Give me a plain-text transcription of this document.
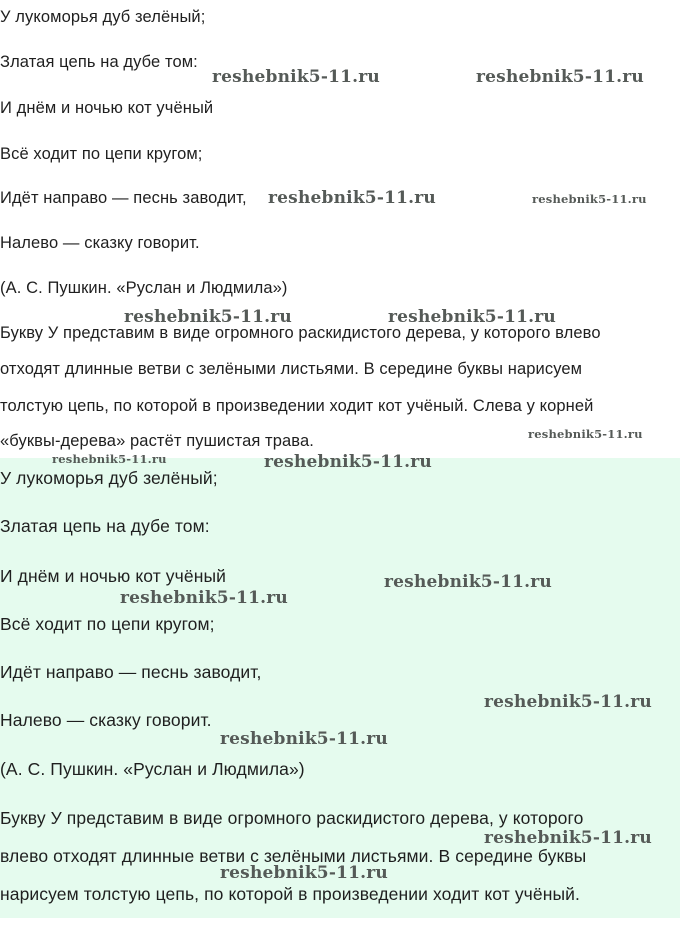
У лукоморья дуб зелёный;

Златая цепь на дубе том:

И днём и ночью кот учёный

Всё ходит по цепи кругом;

Идёт направо — песнь заводит,

Налево — сказку говорит.

(А. С. Пушкин. «Руслан и Людмила»)

Букву У представим в виде огромного раскидистого дерева, у которого влево

отходят длинные ветви с зелёными листьями. В середине буквы нарисуем

толстую цепь, по которой в произведении ходит кот учёный. Слева у корней

«буквы-дерева» растёт пушистая трава.

У лукоморья дуб зелёный;

Златая цепь на дубе том:

И днём и ночью кот учёный

Всё ходит по цепи кругом;

Идёт направо — песнь заводит,

Налево — сказку говорит.

(А. С. Пушкин. «Руслан и Людмила»)

Букву У представим в виде огромного раскидистого дерева, у которого

влево отходят длинные ветви с зелёными листьями. В середине буквы

нарисуем толстую цепь, по которой в произведении ходит кот учёный.

reshebnik5-11.ru	reshebnik5-11.ru
reshebnik5-11.ru	reshebnik5-11.ru
reshebnik5-11.ru	reshebnik5-11.ru
reshebnik5-11.ru
reshebnik5-11.ru	reshebnik5-11.ru
reshebnik5-11.ru
reshebnik5-11.ru
reshebnik5-11.ru
reshebnik5-11.ru
reshebnik5-11.ru
reshebnik5-11.ru
